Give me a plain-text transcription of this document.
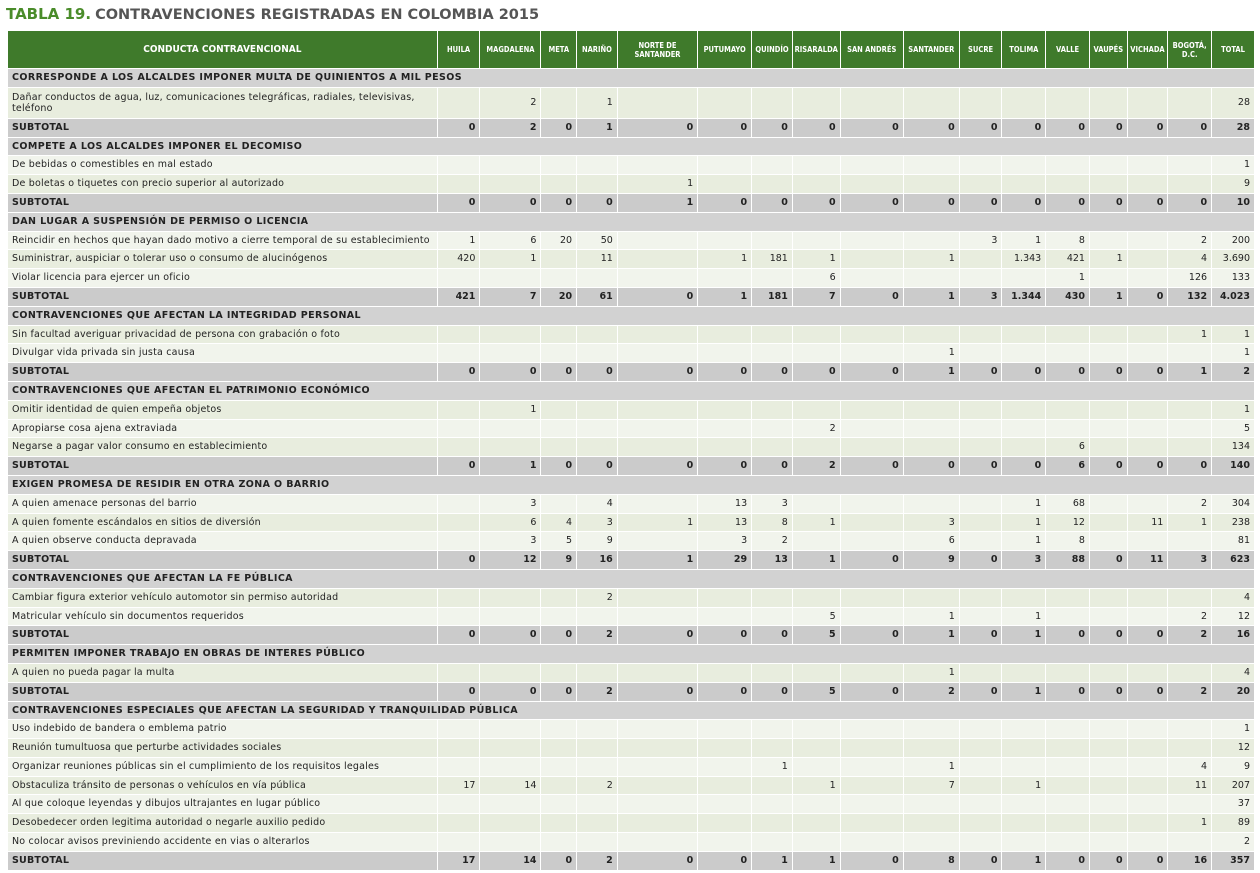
TABLA 19. CONTRAVENCIONES REGISTRADAS EN COLOMBIA 2015
CONDUCTA CONTRAVENCIONAL	HUILA	MAGDALENA	META	NARIÑO	NORTE DE SANTANDER	PUTUMAYO	QUINDÍO	RISARALDA	SAN ANDRÉS	SANTANDER	SUCRE	TOLIMA	VALLE	VAUPÉS	VICHADA	BOGOTÁ, D.C.	TOTAL
CORRESPONDE A LOS ALCALDES IMPONER MULTA DE QUINIENTOS A MIL PESOS																	
Dañar conductos de agua, luz, comunicaciones telegráficas, radiales, televisivas, teléfono		2		1													28
SUBTOTAL	0	2	0	1	0	0	0	0	0	0	0	0	0	0	0	0	28
COMPETE A LOS ALCALDES IMPONER EL DECOMISO																	
De bebidas o comestibles en mal estado																	1
De boletas o tiquetes con precio superior al autorizado					1												9
SUBTOTAL	0	0	0	0	1	0	0	0	0	0	0	0	0	0	0	0	10
DAN LUGAR A SUSPENSIÓN DE PERMISO O LICENCIA																	
Reincidir en hechos que hayan dado motivo a cierre temporal de su establecimiento	1	6	20	50							3	1	8			2	200
Suministrar, auspiciar o tolerar uso o consumo de alucinógenos	420	1		11		1	181	1		1		1.343	421	1		4	3.690
Violar licencia para ejercer un oficio								6					1			126	133
SUBTOTAL	421	7	20	61	0	1	181	7	0	1	3	1.344	430	1	0	132	4.023
CONTRAVENCIONES QUE AFECTAN LA INTEGRIDAD PERSONAL																	
Sin facultad averiguar privacidad de persona con grabación o foto																1	1
Divulgar vida privada sin justa causa										1							1
SUBTOTAL	0	0	0	0	0	0	0	0	0	1	0	0	0	0	0	1	2
CONTRAVENCIONES QUE AFECTAN EL PATRIMONIO ECONÓMICO																	
Omitir identidad de quien empeña objetos		1															1
Apropiarse cosa ajena extraviada								2									5
Negarse a pagar valor consumo en establecimiento													6				134
SUBTOTAL	0	1	0	0	0	0	0	2	0	0	0	0	6	0	0	0	140
EXIGEN PROMESA DE RESIDIR EN OTRA ZONA O BARRIO																	
A quien amenace personas del barrio		3		4		13	3					1	68			2	304
A quien fomente escándalos en sitios de diversión		6	4	3	1	13	8	1		3		1	12		11	1	238
A quien observe conducta depravada		3	5	9		3	2			6		1	8				81
SUBTOTAL	0	12	9	16	1	29	13	1	0	9	0	3	88	0	11	3	623
CONTRAVENCIONES QUE AFECTAN LA FE PÚBLICA																	
Cambiar figura exterior vehículo automotor sin permiso autoridad				2													4
Matricular vehículo sin documentos requeridos								5		1		1				2	12
SUBTOTAL	0	0	0	2	0	0	0	5	0	1	0	1	0	0	0	2	16
PERMITEN IMPONER TRABAJO EN OBRAS DE INTERES PÚBLICO																	
A quien no pueda pagar la multa										1							4
SUBTOTAL	0	0	0	2	0	0	0	5	0	2	0	1	0	0	0	2	20
CONTRAVENCIONES ESPECIALES QUE AFECTAN LA SEGURIDAD Y TRANQUILIDAD PÚBLICA																	
Uso indebido de bandera o emblema patrio																	1
Reunión tumultuosa que perturbe actividades sociales																	12
Organizar reuniones públicas sin el cumplimiento de los requisitos legales							1			1						4	9
Obstaculiza tránsito de personas o vehículos en vía pública	17	14		2				1		7		1				11	207
Al que coloque leyendas y dibujos ultrajantes en lugar público																	37
Desobedecer orden legitima autoridad o negarle auxilio pedido																1	89
No colocar avisos previniendo accidente en vias o alterarlos																	2
SUBTOTAL	17	14	0	2	0	0	1	1	0	8	0	1	0	0	0	16	357
